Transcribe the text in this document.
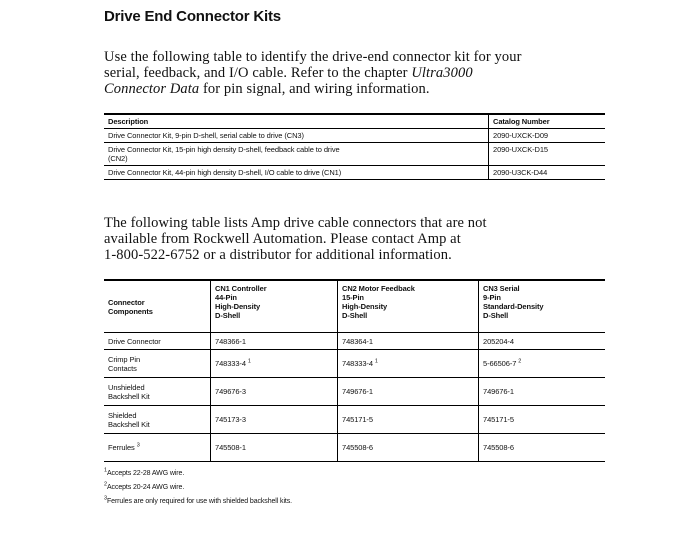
Drive End Connector Kits

Use the following table to identify the drive-end connector kit for your
serial, feedback, and I/O cable. Refer to the chapter Ultra3000
Connector Data for pin signal, and wiring information.

Description	Catalog Number
Drive Connector Kit, 9-pin D-shell, serial cable to drive (CN3)	2090-UXCK-D09
Drive Connector Kit, 15-pin high density D-shell, feedback cable to drive
(CN2)	2090-UXCK-D15
Drive Connector Kit, 44-pin high density D-shell, I/O cable to drive (CN1)	2090-U3CK-D44

The following table lists Amp drive cable connectors that are not
available from Rockwell Automation. Please contact Amp at
1-800-522-6752 or a distributor for additional information.

Connector
Components	CN1 Controller
44-Pin
High-Density
D-Shell	CN2 Motor Feedback
15-Pin
High-Density
D-Shell	CN3 Serial
9-Pin
Standard-Density
D-Shell

Drive Connector	748366-1	748364-1	205204-4

Crimp Pin
Contacts	748333-4 $^1$	748333-4 $^1$	5-66506-7 $^2$

Unshielded
Backshell Kit	749676-3	749676-1	749676-1

Shielded
Backshell Kit	745173-3	745171-5	745171-5
Ferrules $^3$	745508-1	745508-6	745508-6
$^1$Accepts 22-28 AWG wire.
$^2$Accepts 20-24 AWG wire.
$^3$Ferrules are only required for use with shielded backshell kits.
